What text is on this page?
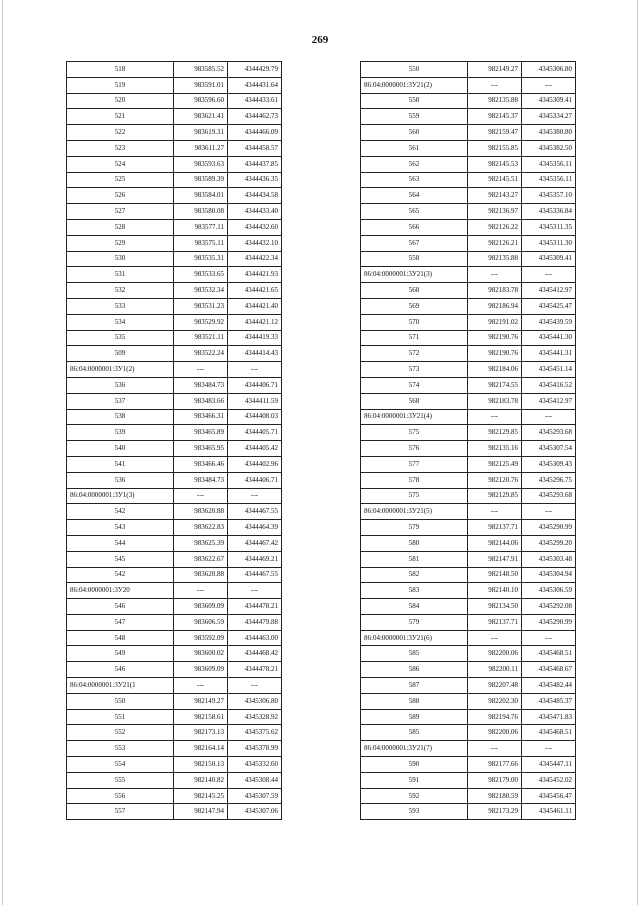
269
518	983585.52	4344429.79
519	983591.01	4344431.64
520	983596.60	4344433.61
521	983621.41	4344462.73
522	983619.31	4344466.09
523	983611.27	4344458.57
524	983593.63	4344437.85
525	983589.39	4344436.35
526	983584.01	4344434.58
527	983580.08	4344433.40
528	983577.11	4344432.60
529	983575.11	4344432.10
530	983535.31	4344422.34
531	983533.65	4344421.93
532	983532.34	4344421.65
533	983531.23	4344421.40
534	983529.92	4344421.12
535	983521.11	4344419.33
509	983522.24	4344414.43
86:04:0000001:3У1(2)	---	---
536	983484.73	4344406.71
537	983483.66	4344411.59
538	983466.31	4344408.03
539	983465.89	4344405.71
540	983465.95	4344405.42
541	983466.46	4344402.96
536	983484.73	4344406.71
86:04:0000001:3У1(3)	---	---
542	983620.88	4344467.55
543	983622.83	4344464.39
544	983625.39	4344467.42
545	983622.67	4344469.21
542	983620.88	4344467.55
86:04:0000001:3У20	---	---
546	983609.09	4344478.21
547	983606.59	4344479.88
548	983592.09	4344463.00
549	983600.02	4344468.42
546	983609.09	4344478.21
86:04:0000001:3У21(1	---	---
550	982149.27	4345306.80
551	982158.61	4345328.92
552	982173.13	4345375.62
553	982164.14	4345378.99
554	982150.13	4345332.60
555	982140.82	4345308.44
556	982145.25	4345307.59
557	982147.94	4345307.06
550	982149.27	4345306.80
86:04:0000001:3У21(2)	---	---
558	982135.88	4345309.41
559	982145.37	4345334.27
560	982159.47	4345380.80
561	982155.85	4345382.50
562	982145.53	4345356.11
563	982145.51	4345356.11
564	982143.27	4345357.10
565	982136.97	4345336.84
566	982126.22	4345311.35
567	982126.21	4345311.30
558	982135.88	4345309.41
86:04:0000001:3У21(3)	---	---
568	982183.78	4345412.97
569	982186.94	4345425.47
570	982191.02	4345439.59
571	982190.76	4345441.30
572	982190.76	4345441.31
573	982184.06	4345451.14
574	982174.55	4345416.52
568	982183.78	4345412.97
86:04:0000001:3У21(4)	---	---
575	982129.85	4345293.68
576	982135.16	4345307.54
577	982125.49	4345309.43
578	982120.76	4345296.75
575	982129.85	4345293.68
86:04:0000001:3У21(5)	---	---
579	982137.71	4345290.99
580	982144.06	4345299.20
581	982147.91	4345303.48
582	982148.50	4345304.94
583	982140.10	4345306.59
584	982134.50	4345292.08
579	982137.71	4345290.99
86:04:0000001:3У21(6)	---	---
585	982200.06	4345468.51
586	982200.11	4345468.67
587	982207.48	4345482.44
588	982202.30	4345485.37
589	982194.76	4345471.83
585	982200.06	4345468.51
86:04:0000001:3У21(7)	---	---
590	982177.66	4345447.11
591	982179.00	4345452.02
592	982180.59	4345456.47
593	982173.29	4345461.11
